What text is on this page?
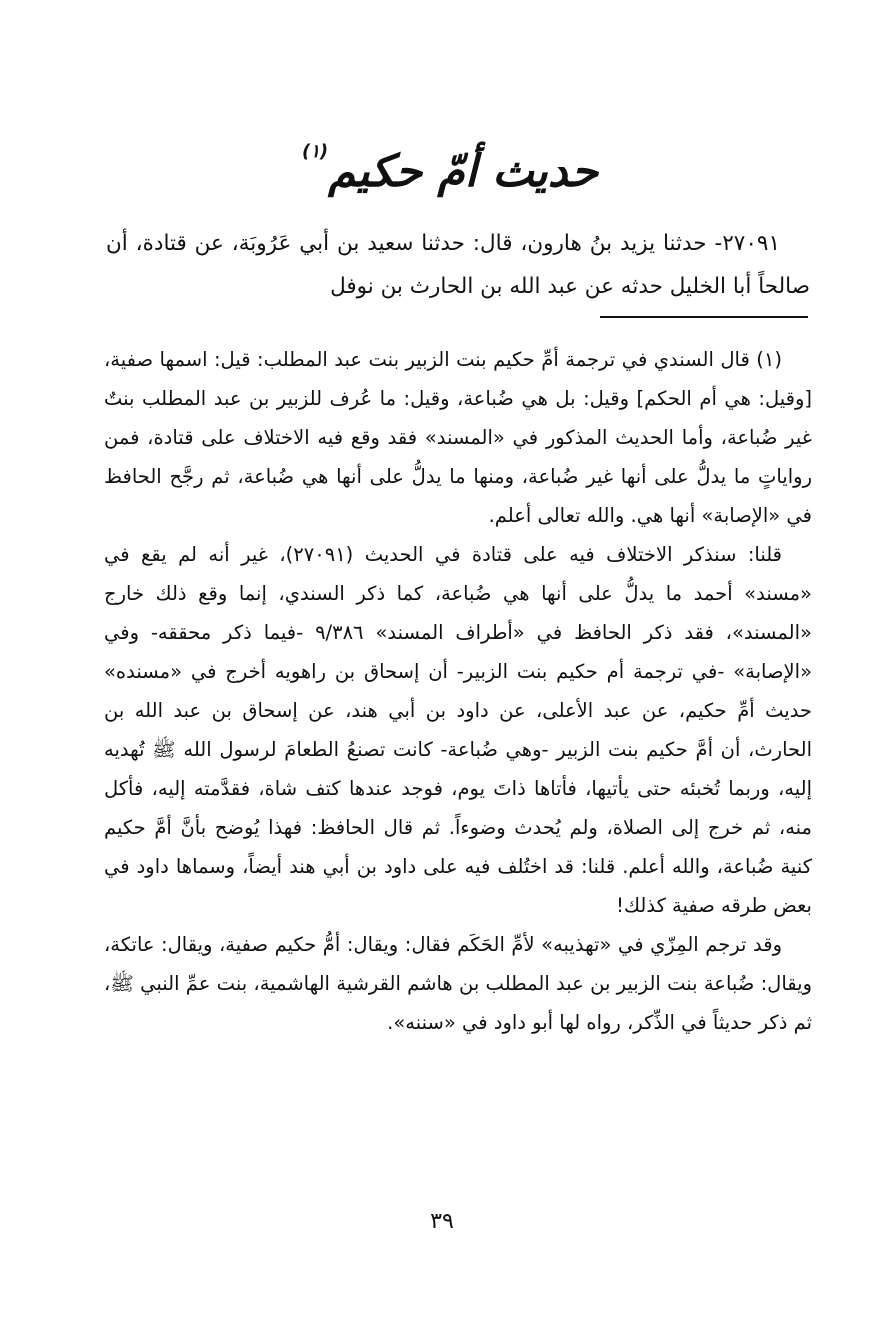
حديث أمّ حكيم$^{(١)}$

٢٧٠٩١- حدثنا يزيد بنُ هارون، قال: حدثنا سعيد بن أبي عَرُوبَة، عن قتادة، أن صالحاً أبا الخليل حدثه عن عبد الله بن الحارث بن نوفل

(١) قال السندي في ترجمة أمِّ حكيم بنت الزبير بنت عبد المطلب: قيل: اسمها صفية، [وقيل: هي أم الحكم] وقيل: بل هي ضُباعة، وقيل: ما عُرف للزبير بن عبد المطلب بنتٌ غير ضُباعة، وأما الحديث المذكور في «المسند» فقد وقع فيه الاختلاف على قتادة، فمن رواياتٍ ما يدلُّ على أنها غير ضُباعة، ومنها ما يدلُّ على أنها هي ضُباعة، ثم رجَّح الحافظ في «الإصابة» أنها هي. والله تعالى أعلم.

قلنا: سنذكر الاختلاف فيه على قتادة في الحديث (٢٧٠٩١)، غير أنه لم يقع في «مسند» أحمد ما يدلُّ على أنها هي ضُباعة، كما ذكر السندي، إنما وقع ذلك خارج «المسند»، فقد ذكر الحافظ في «أطراف المسند» ٩/٣٨٦ -فيما ذكر محققه- وفي «الإصابة» -في ترجمة أم حكيم بنت الزبير- أن إسحاق بن راهويه أخرج في «مسنده» حديث أمِّ حكيم، عن عبد الأعلى، عن داود بن أبي هند، عن إسحاق بن عبد الله بن الحارث، أن أمَّ حكيم بنت الزبير -وهي ضُباعة- كانت تصنعُ الطعامَ لرسول الله ﷺ تُهديه إليه، وربما تُخبئه حتى يأتيها، فأتاها ذاتَ يوم، فوجد عندها كتف شاة، فقدَّمته إليه، فأكل منه، ثم خرج إلى الصلاة، ولم يُحدث وضوءاً. ثم قال الحافظ: فهذا يُوضح بأنَّ أمَّ حكيم كنية ضُباعة، والله أعلم. قلنا: قد اختُلف فيه على داود بن أبي هند أيضاً، وسماها داود في بعض طرقه صفية كذلك!

وقد ترجم المِزّي في «تهذيبه» لأمِّ الحَكَم فقال: ويقال: أمُّ حكيم صفية، ويقال: عاتكة، ويقال: ضُباعة بنت الزبير بن عبد المطلب بن هاشم القرشية الهاشمية، بنت عمِّ النبي ﷺ، ثم ذكر حديثاً في الذِّكر، رواه لها أبو داود في «سننه».

٣٩
